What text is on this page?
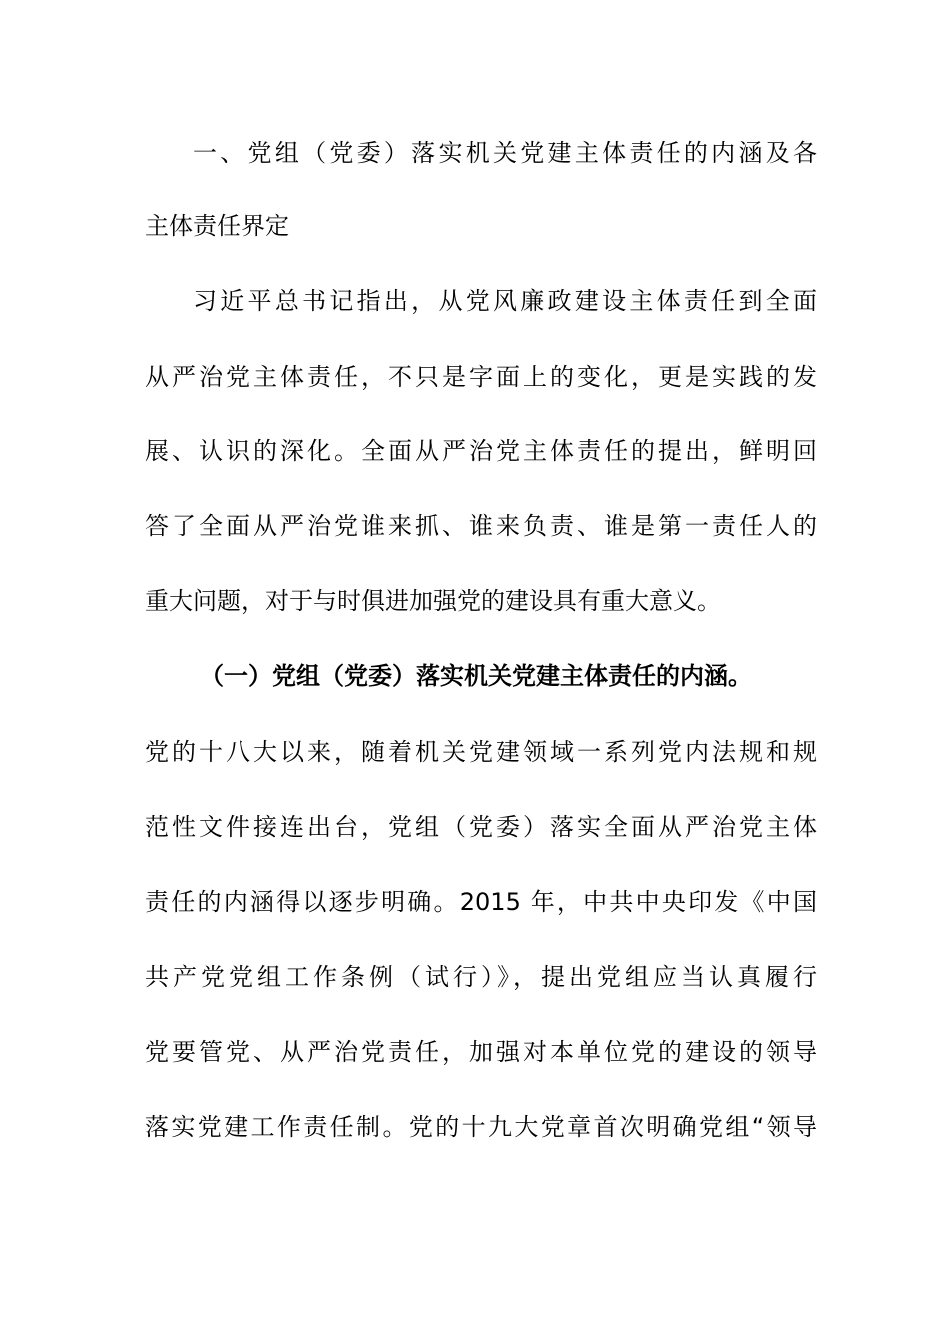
一、党组（党委）落实机关党建主体责任的内涵及各
主体责任界定
习近平总书记指出，从党风廉政建设主体责任到全面
从严治党主体责任，不只是字面上的变化，更是实践的发
展、认识的深化。全面从严治党主体责任的提出，鲜明回
答了全面从严治党谁来抓、谁来负责、谁是第一责任人的
重大问题，对于与时俱进加强党的建设具有重大意义。
（一）党组（党委）落实机关党建主体责任的内涵。
党的十八大以来，随着机关党建领域一系列党内法规和规
范性文件接连出台，党组（党委）落实全面从严治党主体
责任的内涵得以逐步明确。2015 年，中共中央印发《中国
共产党党组工作条例（试行）》，提出党组应当认真履行
党要管党、从严治党责任，加强对本单位党的建设的领导
落实党建工作责任制。党的十九大党章首次明确党组“领导
